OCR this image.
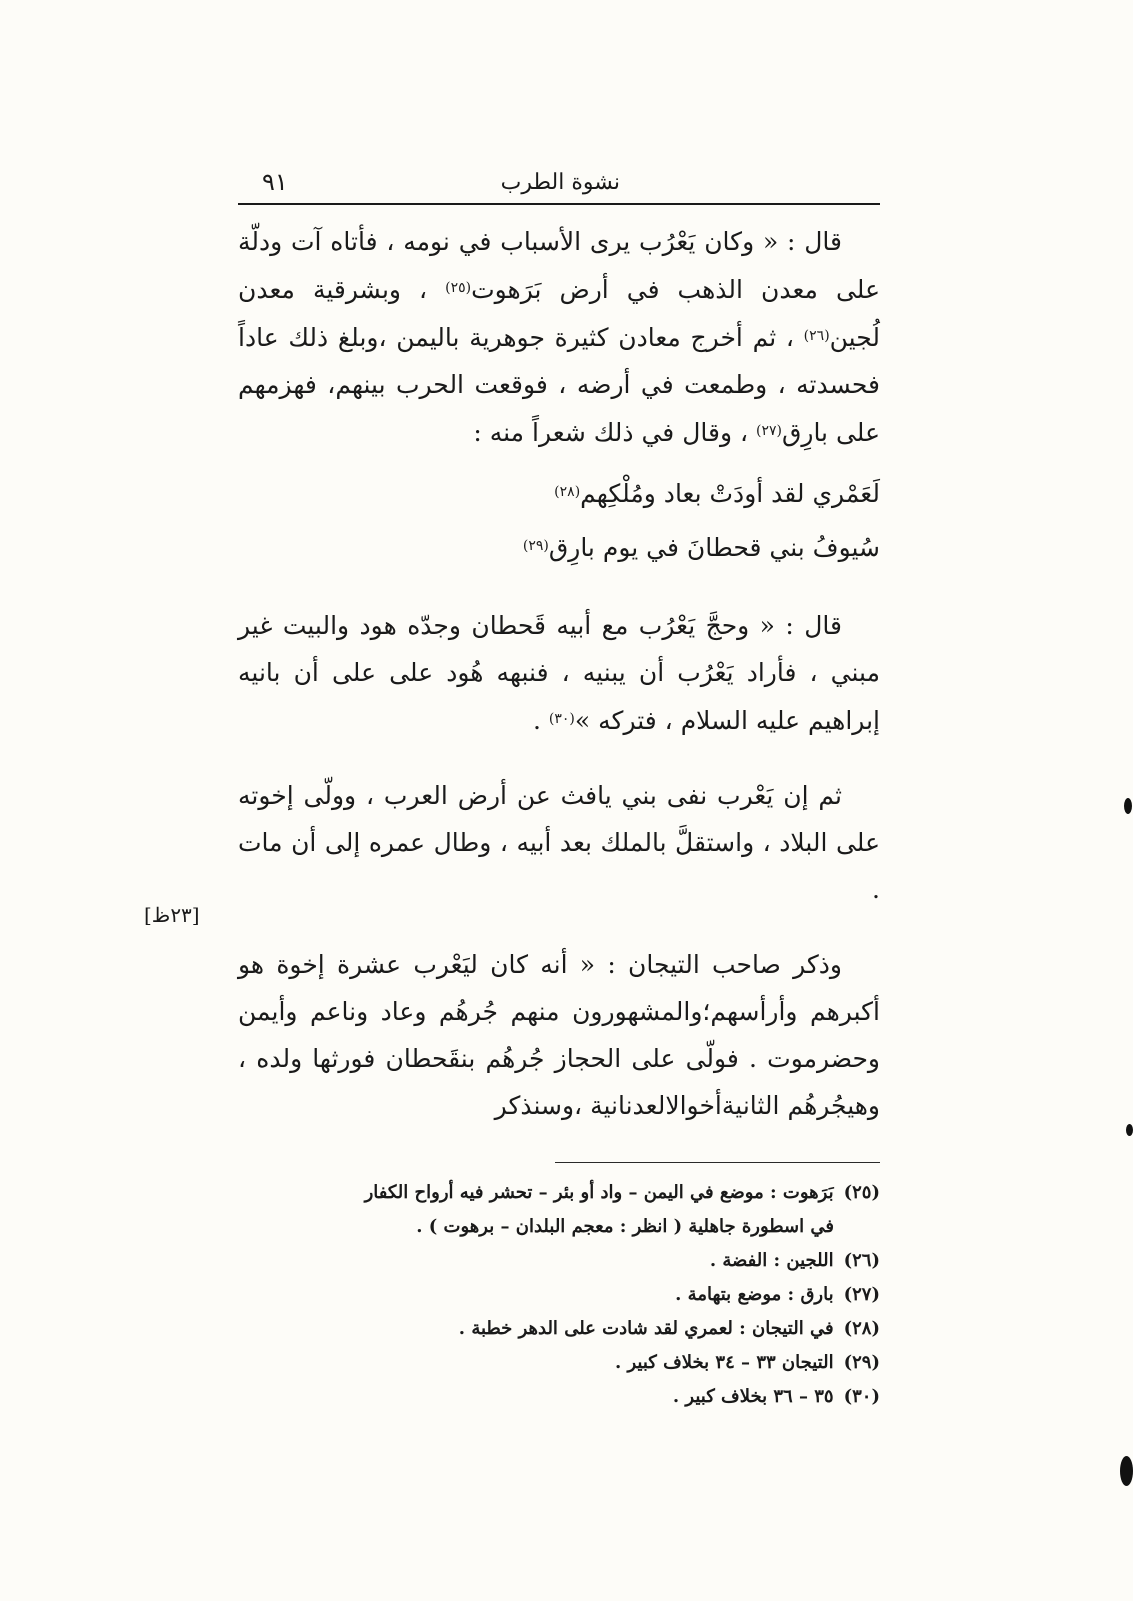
نشوة الطرب
٩١

قال : « وكان يَعْرُب يرى الأسباب في نومه ، فأتاه آت ودلّة على معدن الذهب في أرض بَرَهوت$^{(٢٥)}$ ، وبشرقية معدن لُجين$^{(٢٦)}$ ، ثم أخرج معادن كثيرة جوهرية باليمن ،وبلغ ذلك عاداً فحسدته ، وطمعت في أرضه ، فوقعت الحرب بينهم، فهزمهم على بارِق$^{(٢٧)}$ ، وقال في ذلك شعراً منه :

لَعَمْري لقد أودَتْ بعاد ومُلْكِهم$^{(٢٨)}$

سُيوفُ بني قحطانَ في يوم بارِق$^{(٢٩)}$

قال : « وحجَّ يَعْرُب مع أبيه قَحطان وجدّه هود والبيت غير مبني ، فأراد يَعْرُب أن يبنيه ، فنبهه هُود على على أن بانيه إبراهيم عليه السلام ، فتركه »$^{(٣٠)}$ .

ثم إن يَعْرب نفى بني يافث عن أرض العرب ، وولّى إخوته على البلاد ، واستقلَّ بالملك بعد أبيه ، وطال عمره إلى أن مات .

وذكر صاحب التيجان : « أنه كان ليَعْرب عشرة إخوة هو أكبرهم وأرأسهم؛والمشهورون منهم جُرهُم وعاد وناعم وأيمن وحضرموت . فولّى على الحجاز جُرهُم بنقَحطان فورثها ولده ، وهيجُرهُم الثانيةأخوالالعدنانية ،وسنذكر

[٢٣ظ]

(٢٥)بَرَهوت : موضع في اليمن – واد أو بئر – تحشر فيه أرواح الكفار
في اسطورة جاهلية ( انظر : معجم البلدان – برهوت ) .

(٢٦)اللجين : الفضة .

(٢٧)بارق : موضع بتهامة .

(٢٨)في التيجان : لعمري لقد شادت على الدهر خطبة .

(٢٩)التيجان ٣٣ – ٣٤ بخلاف كبير .

(٣٠)٣٥ – ٣٦ بخلاف كبير .
